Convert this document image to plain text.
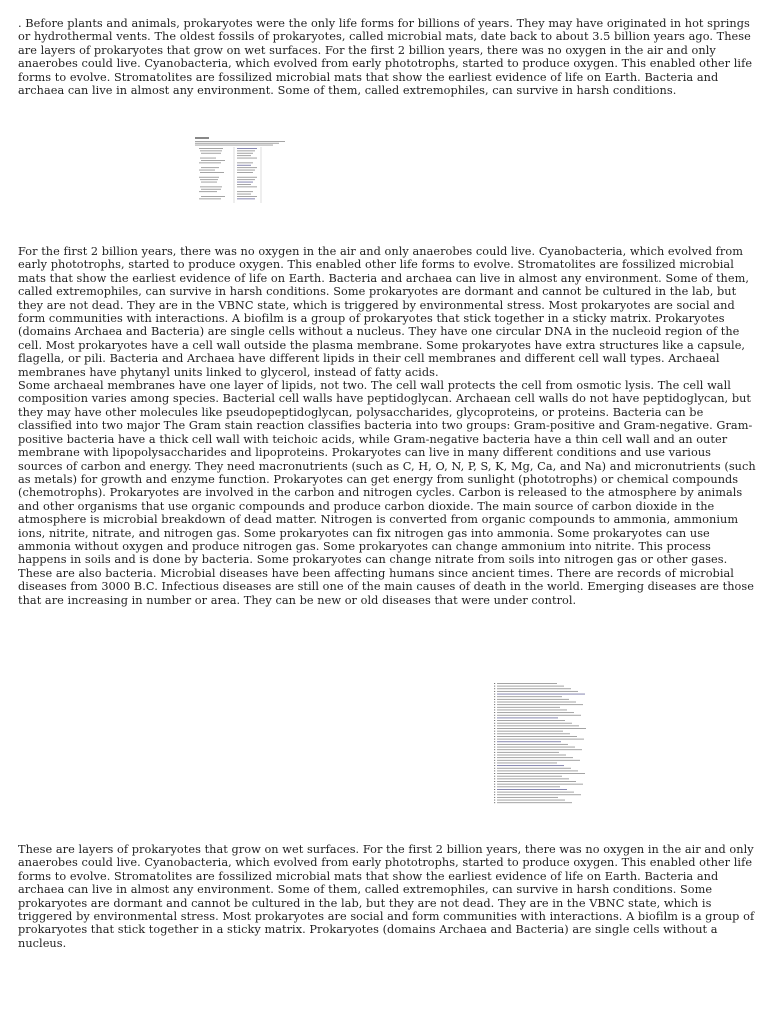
. Before plants and animals, prokaryotes were the only life forms for billions of years. They may have originated in hot springs or hydrothermal vents. The oldest fossils of prokaryotes, called microbial mats, date back to about 3.5 billion years ago. These are layers of prokaryotes that grow on wet surfaces. For the first 2 billion years, there was no oxygen in the air and only anaerobes could live. Cyanobacteria, which evolved from early phototrophs, started to produce oxygen. This enabled other life forms to evolve. Stromatolites are fossilized microbial mats that show the earliest evidence of life on Earth. Bacteria and archaea can live in almost any environment. Some of them, called extremophiles, can survive in harsh conditions.

For the first 2 billion years, there was no oxygen in the air and only anaerobes could live. Cyanobacteria, which evolved from early phototrophs, started to produce oxygen. This enabled other life forms to evolve. Stromatolites are fossilized microbial mats that show the earliest evidence of life on Earth. Bacteria and archaea can live in almost any environment. Some of them, called extremophiles, can survive in harsh conditions. Some prokaryotes are dormant and cannot be cultured in the lab, but they are not dead. They are in the VBNC state, which is triggered by environmental stress. Most prokaryotes are social and form communities with interactions. A biofilm is a group of prokaryotes that stick together in a sticky matrix. Prokaryotes (domains Archaea and Bacteria) are single cells without a nucleus. They have one circular DNA in the nucleoid region of the cell. Most prokaryotes have a cell wall outside the plasma membrane. Some prokaryotes have extra structures like a capsule, flagella, or pili. Bacteria and Archaea have different lipids in their cell membranes and different cell wall types. Archaeal membranes have phytanyl units linked to glycerol, instead of fatty acids.
Some archaeal membranes have one layer of lipids, not two. The cell wall protects the cell from osmotic lysis. The cell wall composition varies among species. Bacterial cell walls have peptidoglycan. Archaean cell walls do not have peptidoglycan, but they may have other molecules like pseudopeptidoglycan, polysaccharides, glycoproteins, or proteins. Bacteria can be classified into two major The Gram stain reaction classifies bacteria into two groups: Gram-positive and Gram-negative. Gram-positive bacteria have a thick cell wall with teichoic acids, while Gram-negative bacteria have a thin cell wall and an outer membrane with lipopolysaccharides and lipoproteins. Prokaryotes can live in many different conditions and use various sources of carbon and energy. They need macronutrients (such as C, H, O, N, P, S, K, Mg, Ca, and Na) and micronutrients (such as metals) for growth and enzyme function. Prokaryotes can get energy from sunlight (phototrophs) or chemical compounds (chemotrophs). Prokaryotes are involved in the carbon and nitrogen cycles. Carbon is released to the atmosphere by animals and other organisms that use organic compounds and produce carbon dioxide. The main source of carbon dioxide in the atmosphere is microbial breakdown of dead matter. Nitrogen is converted from organic compounds to ammonia, ammonium ions, nitrite, nitrate, and nitrogen gas. Some prokaryotes can fix nitrogen gas into ammonia. Some prokaryotes can use ammonia without oxygen and produce nitrogen gas. Some prokaryotes can change ammonium into nitrite. This process happens in soils and is done by bacteria. Some prokaryotes can change nitrate from soils into nitrogen gas or other gases. These are also bacteria. Microbial diseases have been affecting humans since ancient times. There are records of microbial diseases from 3000 B.C. Infectious diseases are still one of the main causes of death in the world. Emerging diseases are those that are increasing in number or area. They can be new or old diseases that were under control.

These are layers of prokaryotes that grow on wet surfaces. For the first 2 billion years, there was no oxygen in the air and only anaerobes could live. Cyanobacteria, which evolved from early phototrophs, started to produce oxygen. This enabled other life forms to evolve. Stromatolites are fossilized microbial mats that show the earliest evidence of life on Earth. Bacteria and archaea can live in almost any environment. Some of them, called extremophiles, can survive in harsh conditions. Some prokaryotes are dormant and cannot be cultured in the lab, but they are not dead. They are in the VBNC state, which is triggered by environmental stress. Most prokaryotes are social and form communities with interactions. A biofilm is a group of prokaryotes that stick together in a sticky matrix. Prokaryotes (domains Archaea and Bacteria) are single cells without a nucleus.
